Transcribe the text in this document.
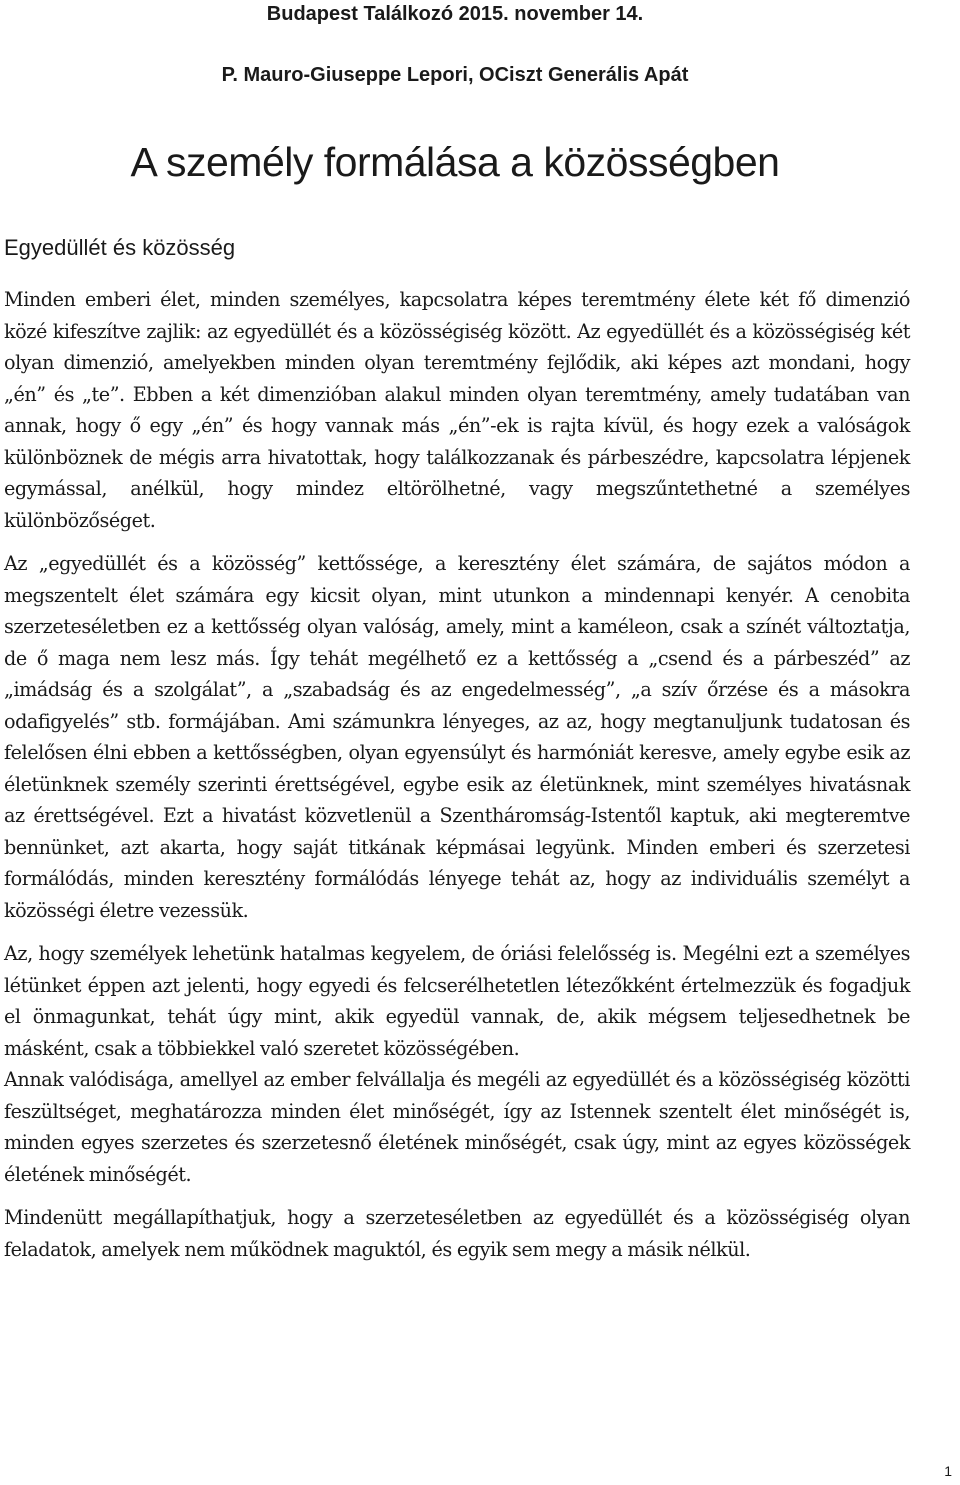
Budapest Találkozó 2015. november 14.

P. Mauro-Giuseppe Lepori, OCiszt Generális Apát

A személy formálása a közösségben
Egyedüllét és közösség

Minden emberi élet, minden személyes, kapcsolatra képes teremtmény élete két fő dimenzió közé kifeszítve zajlik: az egyedüllét és a közösségiség között. Az egyedüllét és a közösségiség két olyan dimenzió, amelyekben minden olyan teremtmény fejlődik, aki képes azt mondani, hogy „én” és „te”. Ebben a két dimenzióban alakul minden olyan teremtmény, amely tudatában van annak, hogy ő egy „én” és hogy vannak más „én”-ek is rajta kívül, és hogy ezek a valóságok különböznek de mégis arra hivatottak, hogy találkozzanak és párbeszédre, kapcsolatra lépjenek egymással, anélkül, hogy mindez eltörölhetné, vagy megszűntethetné a személyes különbözőséget.

Az „egyedüllét és a közösség” kettőssége, a keresztény élet számára, de sajátos módon a megszentelt élet számára egy kicsit olyan, mint utunkon a mindennapi kenyér. A cenobita szerzeteséletben ez a kettősség olyan valóság, amely, mint a kaméleon, csak a színét változtatja, de ő maga nem lesz más. Így tehát megélhető ez a kettősség a „csend és a párbeszéd” az „imádság és a szolgálat”, a „szabadság és az engedelmesség”, „a szív őrzése és a másokra odafigyelés” stb. formájában. Ami számunkra lényeges, az az, hogy megtanuljunk tudatosan és felelősen élni ebben a kettősségben, olyan egyensúlyt és harmóniát keresve, amely egybe esik az életünknek személy szerinti érettségével, egybe esik az életünknek, mint személyes hivatásnak az érettségével. Ezt a hivatást közvetlenül a Szentháromság-Istentől kaptuk, aki megteremtve bennünket, azt akarta, hogy saját titkának képmásai legyünk. Minden emberi és szerzetesi formálódás, minden keresztény formálódás lényege tehát az, hogy az individuális személyt a közösségi életre vezessük.

Az, hogy személyek lehetünk hatalmas kegyelem, de óriási felelősség is. Megélni ezt a személyes létünket éppen azt jelenti, hogy egyedi és felcserélhetetlen létezőkként értelmezzük és fogadjuk el önmagunkat, tehát úgy mint, akik egyedül vannak, de, akik mégsem teljesedhetnek be másként, csak a többiekkel való szeretet közösségében.

Annak valódisága, amellyel az ember felvállalja és megéli az egyedüllét és a közösségiség közötti feszültséget, meghatározza minden élet minőségét, így az Istennek szentelt élet minőségét is, minden egyes szerzetes és szerzetesnő életének minőségét, csak úgy, mint az egyes közösségek életének minőségét.

Mindenütt megállapíthatjuk, hogy a szerzeteséletben az egyedüllét és a közösségiség olyan feladatok, amelyek nem működnek maguktól, és egyik sem megy a másik nélkül.

1
